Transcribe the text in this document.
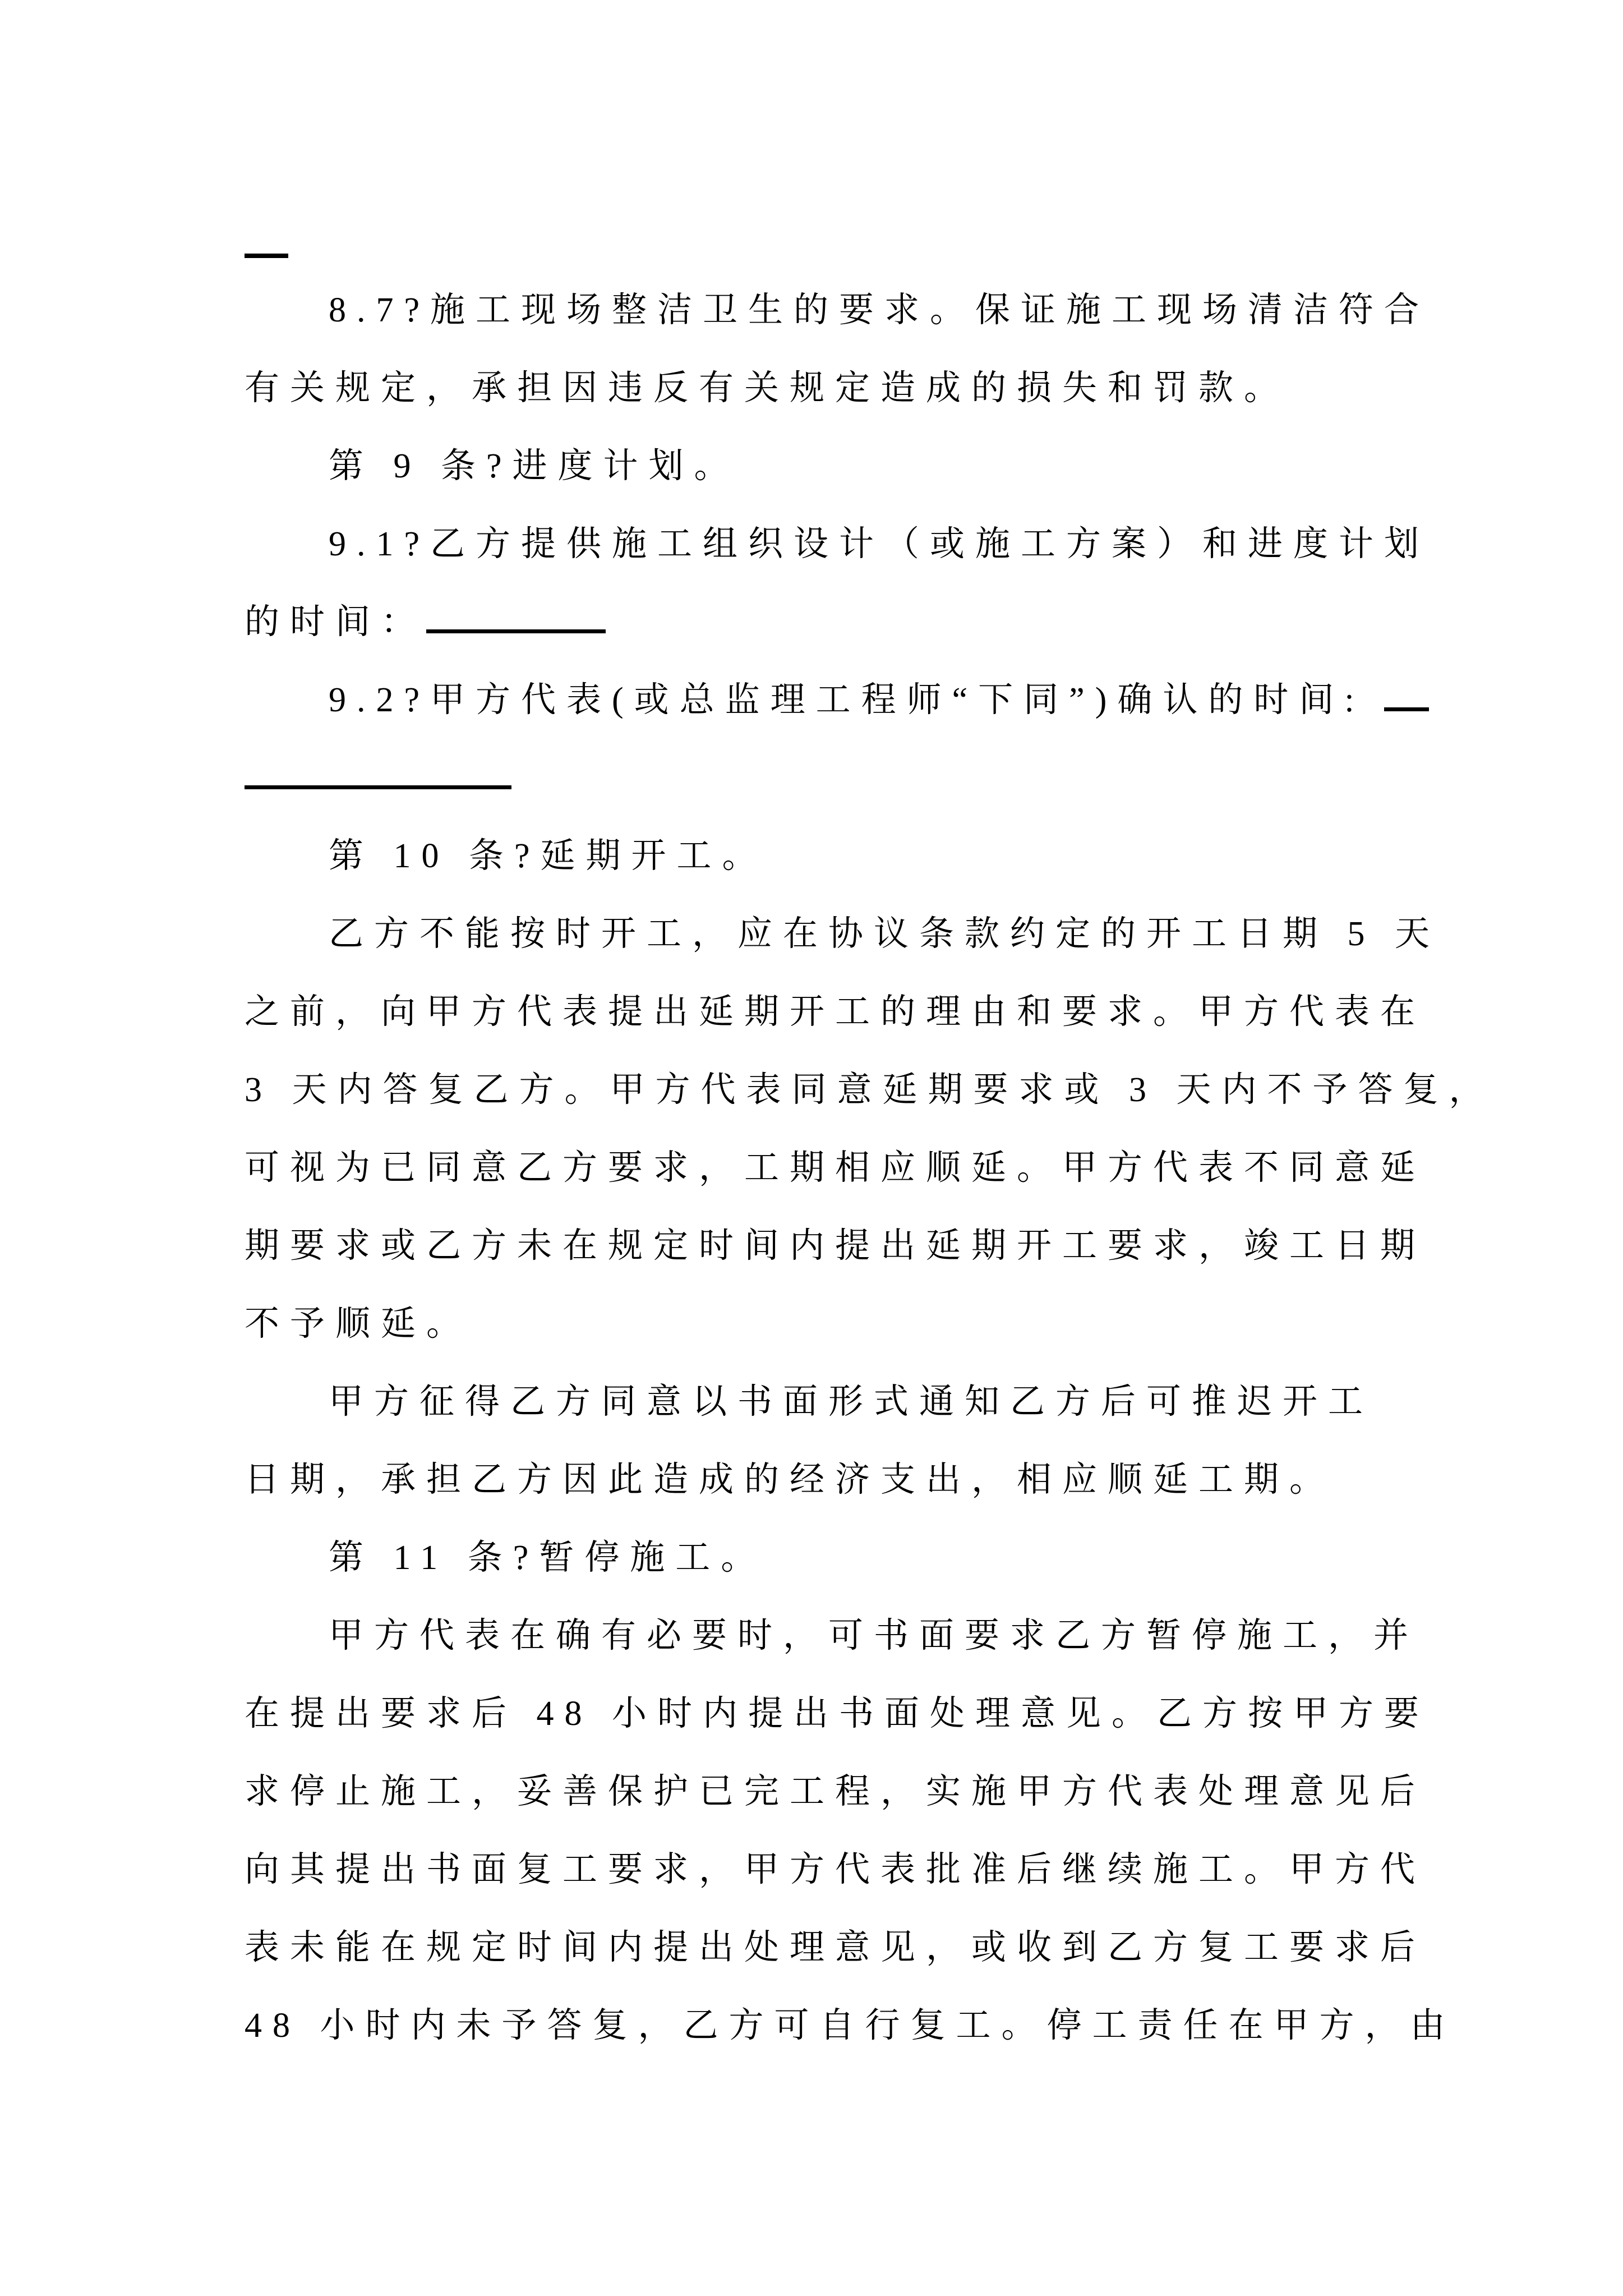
8.7?施工现场整洁卫生的要求。保证施工现场清洁符合
有关规定，承担因违反有关规定造成的损失和罚款。
第 9 条?进度计划。
9.1?乙方提供施工组织设计（或施工方案）和进度计划
的时间：
9.2?甲方代表(或总监理工程师“下同”)确认的时间:
第 10 条?延期开工。
乙方不能按时开工，应在协议条款约定的开工日期 5 天
之前，向甲方代表提出延期开工的理由和要求。甲方代表在
3 天内答复乙方。甲方代表同意延期要求或 3 天内不予答复，
可视为已同意乙方要求，工期相应顺延。甲方代表不同意延
期要求或乙方未在规定时间内提出延期开工要求，竣工日期
不予顺延。
甲方征得乙方同意以书面形式通知乙方后可推迟开工
日期，承担乙方因此造成的经济支出，相应顺延工期。
第 11 条?暂停施工。
甲方代表在确有必要时，可书面要求乙方暂停施工，并
在提出要求后 48 小时内提出书面处理意见。乙方按甲方要
求停止施工，妥善保护已完工程，实施甲方代表处理意见后
向其提出书面复工要求，甲方代表批准后继续施工。甲方代
表未能在规定时间内提出处理意见，或收到乙方复工要求后
48 小时内未予答复，乙方可自行复工。停工责任在甲方，由
